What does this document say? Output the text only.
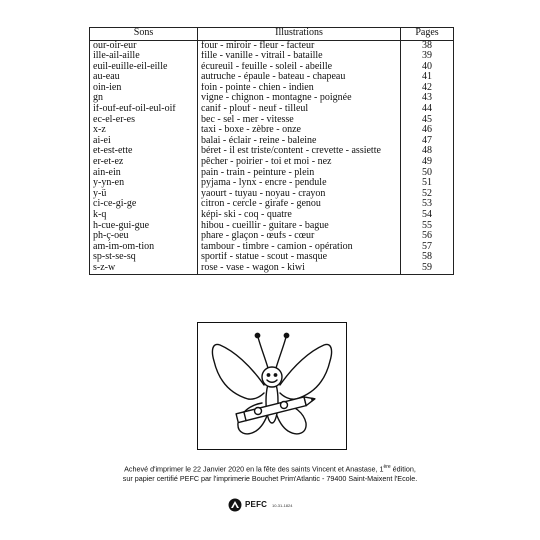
Sons	Illustrations	Pages
our-oir-eur	four - miroir - fleur - facteur	38
ille-ail-aille	fille - vanille - vitrail - bataille	39
euil-euille-eil-eille	écureuil - feuille - soleil - abeille	40
au-eau	autruche - épaule - bateau - chapeau	41
oin-ien	foin - pointe - chien - indien	42
gn	vigne - chignon - montagne - poignée	43
if-ouf-euf-oil-eul-oif	canif - plouf - neuf - tilleul	44
ec-el-er-es	bec - sel - mer - vitesse	45
x-z	taxi - boxe - zèbre - onze	46
ai-ei	balai - éclair - reine - baleine	47
et-est-ette	béret - il est triste/content - crevette - assiette	48
er-et-ez	pêcher - poirier - toi et moi - nez	49
ain-ein	pain - train - peinture - plein	50
y-yn-en	pyjama - lynx - encre - pendule	51
y-ü	yaourt - tuyau - noyau - crayon	52
ci-ce-gi-ge	citron - cercle - girafe - genou	53
k-q	képi- ski - coq - quatre	54
h-cue-gui-gue	hibou - cueillir - guitare - bague	55
ph-ç-oeu	phare - glaçon - œufs - cœur	56
am-im-om-tion	tambour - timbre - camion - opération	57
sp-st-se-sq	sportif - statue - scout - masque	58
s-z-w	rose - vase - wagon - kiwi	59
Achevé d'imprimer le 22 Janvier 2020 en la fête des saints Vincent et Anastase, 1ère édition,
sur papier certifié PEFC par l'imprimerie Bouchet Prim'Atlantic - 79400 Saint-Maixent l'Ecole.
PEFC 10-31-1824
